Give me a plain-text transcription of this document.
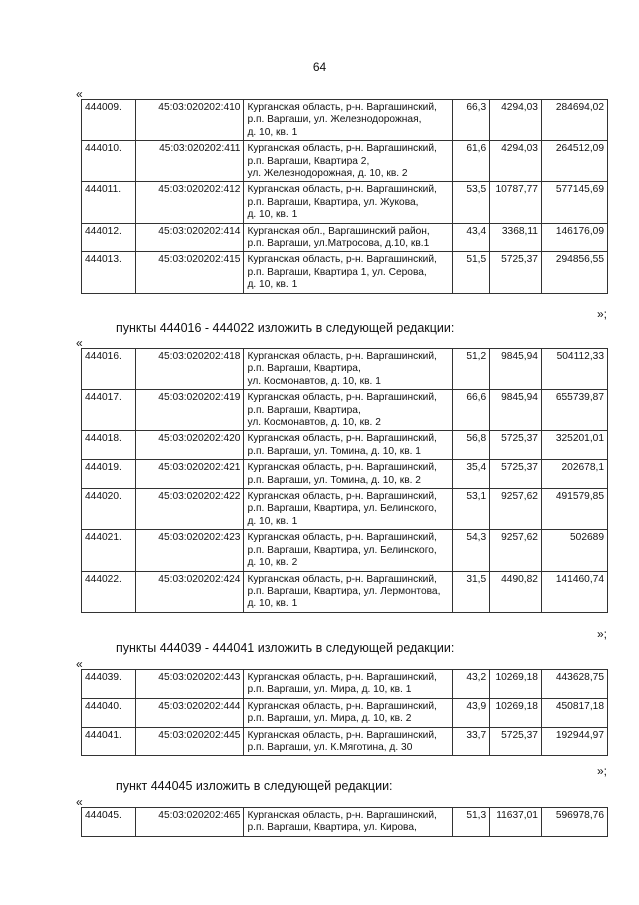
64
«
444009.	45:03:020202:410	Курганская область, р-н. Варгашинский,
р.п. Варгаши, ул. Железнодорожная,
д. 10, кв. 1	66,3	4294,03	284694,02
444010.	45:03:020202:411	Курганская область, р-н. Варгашинский,
р.п. Варгаши, Квартира 2,
ул. Железнодорожная, д. 10, кв. 2	61,6	4294,03	264512,09
444011.	45:03:020202:412	Курганская область, р-н. Варгашинский,
р.п. Варгаши, Квартира, ул. Жукова,
д. 10, кв. 1	53,5	10787,77	577145,69
444012.	45:03:020202:414	Курганская обл., Варгашинский район,
р.п. Варгаши, ул.Матросова, д.10, кв.1	43,4	3368,11	146176,09
444013.	45:03:020202:415	Курганская область, р-н. Варгашинский,
р.п. Варгаши, Квартира 1, ул. Серова,
д. 10, кв. 1	51,5	5725,37	294856,55
»;
пункты 444016 - 444022 изложить в следующей редакции:
«
444016.	45:03:020202:418	Курганская область, р-н. Варгашинский,
р.п. Варгаши, Квартира,
ул. Космонавтов, д. 10, кв. 1	51,2	9845,94	504112,33
444017.	45:03:020202:419	Курганская область, р-н. Варгашинский,
р.п. Варгаши, Квартира,
ул. Космонавтов, д. 10, кв. 2	66,6	9845,94	655739,87
444018.	45:03:020202:420	Курганская область, р-н. Варгашинский,
р.п. Варгаши, ул. Томина, д. 10, кв. 1	56,8	5725,37	325201,01
444019.	45:03:020202:421	Курганская область, р-н. Варгашинский,
р.п. Варгаши, ул. Томина, д. 10, кв. 2	35,4	5725,37	202678,1
444020.	45:03:020202:422	Курганская область, р-н. Варгашинский,
р.п. Варгаши, Квартира, ул. Белинского,
д. 10, кв. 1	53,1	9257,62	491579,85
444021.	45:03:020202:423	Курганская область, р-н. Варгашинский,
р.п. Варгаши, Квартира, ул. Белинского,
д. 10, кв. 2	54,3	9257,62	502689
444022.	45:03:020202:424	Курганская область, р-н. Варгашинский,
р.п. Варгаши, Квартира, ул. Лермонтова,
д. 10, кв. 1	31,5	4490,82	141460,74
»;
пункты 444039 - 444041 изложить в следующей редакции:
«
444039.	45:03:020202:443	Курганская область, р-н. Варгашинский,
р.п. Варгаши, ул. Мира, д. 10, кв. 1	43,2	10269,18	443628,75
444040.	45:03:020202:444	Курганская область, р-н. Варгашинский,
р.п. Варгаши, ул. Мира, д. 10, кв. 2	43,9	10269,18	450817,18
444041.	45:03:020202:445	Курганская область, р-н. Варгашинский,
р.п. Варгаши, ул. К.Мяготина, д. 30	33,7	5725,37	192944,97
»;
пункт 444045 изложить в следующей редакции:
«
444045.	45:03:020202:465	Курганская область, р-н. Варгашинский,
р.п. Варгаши, Квартира, ул. Кирова,	51,3	11637,01	596978,76
